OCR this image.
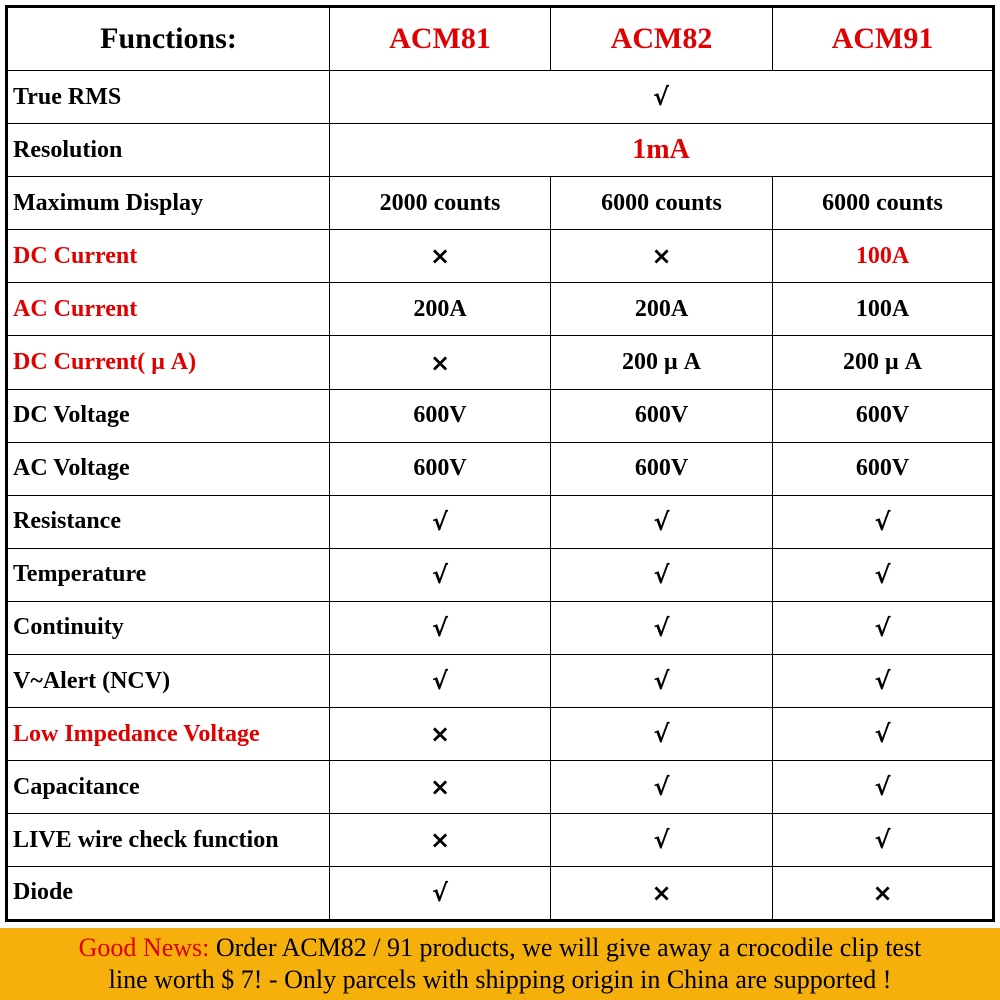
Functions:	ACM81	ACM82	ACM91
True RMS	√		
Resolution	1mA		
Maximum Display	2000 counts	6000 counts	6000 counts
DC Current	×	×	100A
AC Current	200A	200A	100A
DC Current( μ A)	×	200 μ A	200 μ A
DC Voltage	600V	600V	600V
AC Voltage	600V	600V	600V
Resistance	√	√	√
Temperature	√	√	√
Continuity	√	√	√
V~Alert (NCV)	√	√	√
Low Impedance Voltage	×	√	√
Capacitance	×	√	√
LIVE wire check function	×	√	√
Diode	√	×	×
Good News: Order ACM82 / 91 products, we will give away a crocodile clip test
line worth $ 7! - Only parcels with shipping origin in China are supported !
